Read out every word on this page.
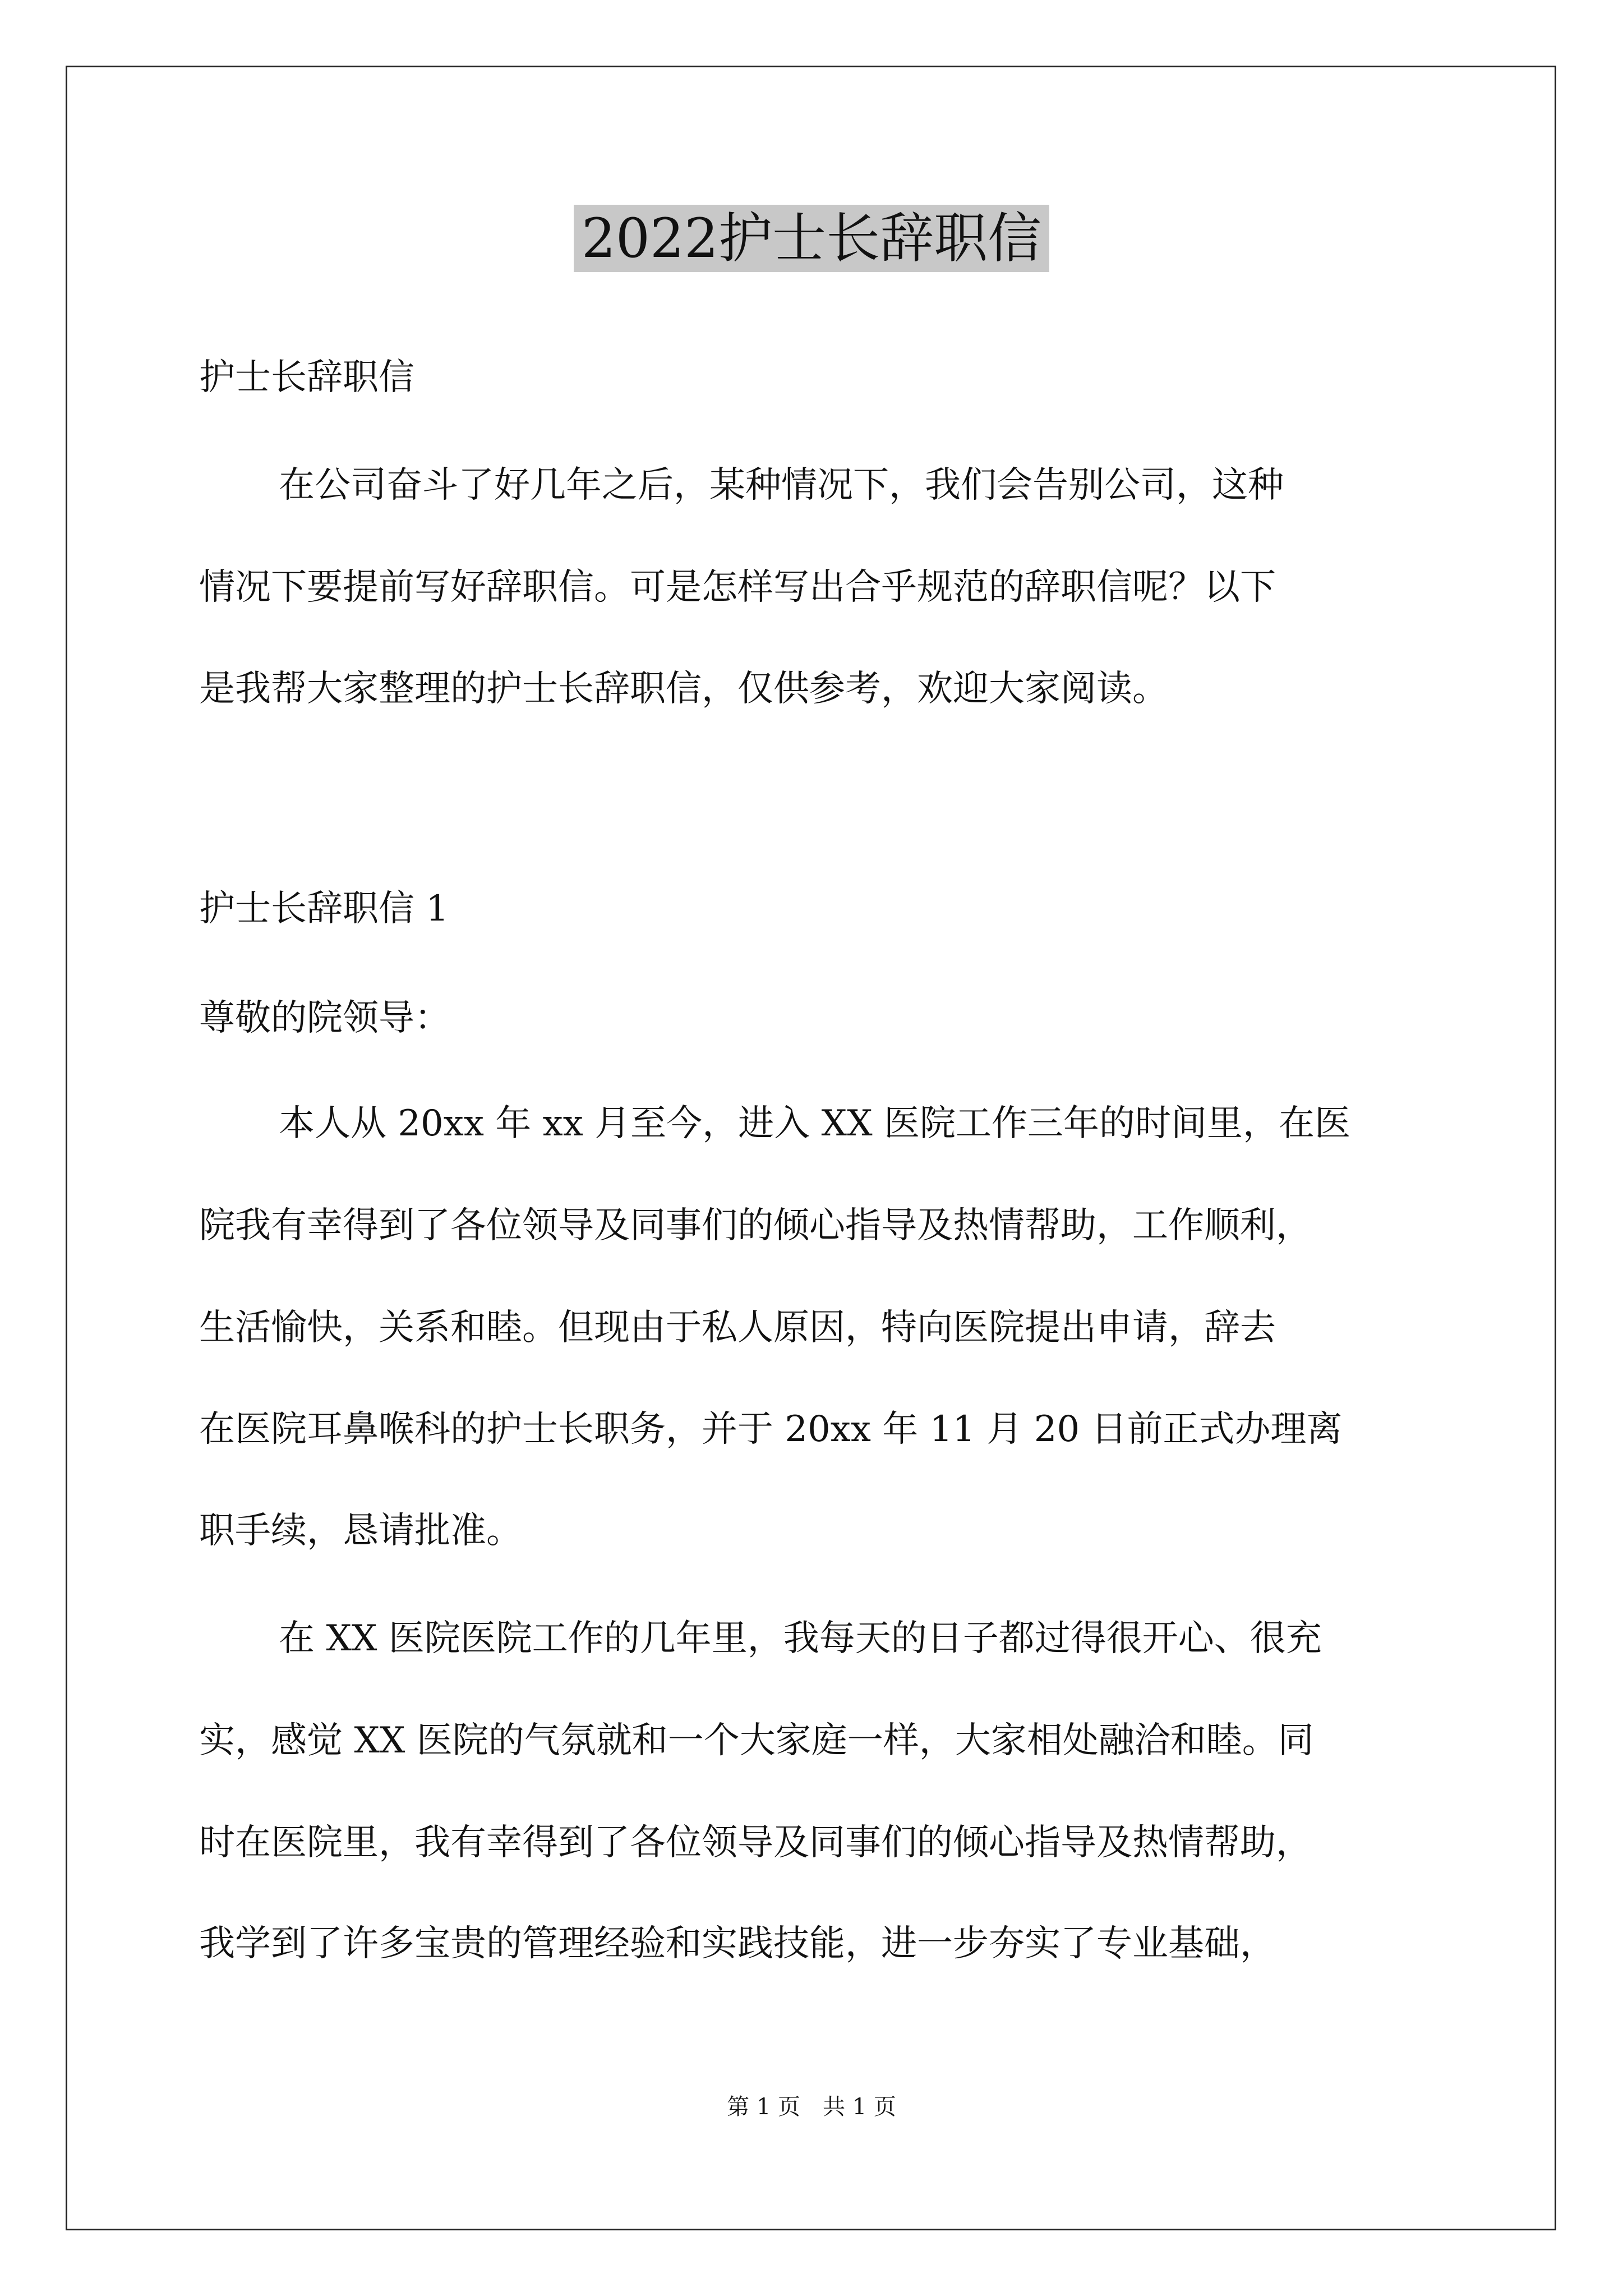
2022护士长辞职信
护士长辞职信
在公司奋斗了好几年之后，某种情况下，我们会告别公司，这种
情况下要提前写好辞职信。可是怎样写出合乎规范的辞职信呢？以下
是我帮大家整理的护士长辞职信，仅供参考，欢迎大家阅读。
护士长辞职信 1
尊敬的院领导：
本人从 20xx 年 xx 月至今，进入 XX 医院工作三年的时间里，在医
院我有幸得到了各位领导及同事们的倾心指导及热情帮助，工作顺利，
生活愉快，关系和睦。但现由于私人原因，特向医院提出申请，辞去
在医院耳鼻喉科的护士长职务，并于 20xx 年 11 月 20 日前正式办理离
职手续，恳请批准。
在 XX 医院医院工作的几年里，我每天的日子都过得很开心、很充
实，感觉 XX 医院的气氛就和一个大家庭一样，大家相处融洽和睦。同
时在医院里，我有幸得到了各位领导及同事们的倾心指导及热情帮助，
我学到了许多宝贵的管理经验和实践技能，进一步夯实了专业基础，
第 1 页　共 1 页
